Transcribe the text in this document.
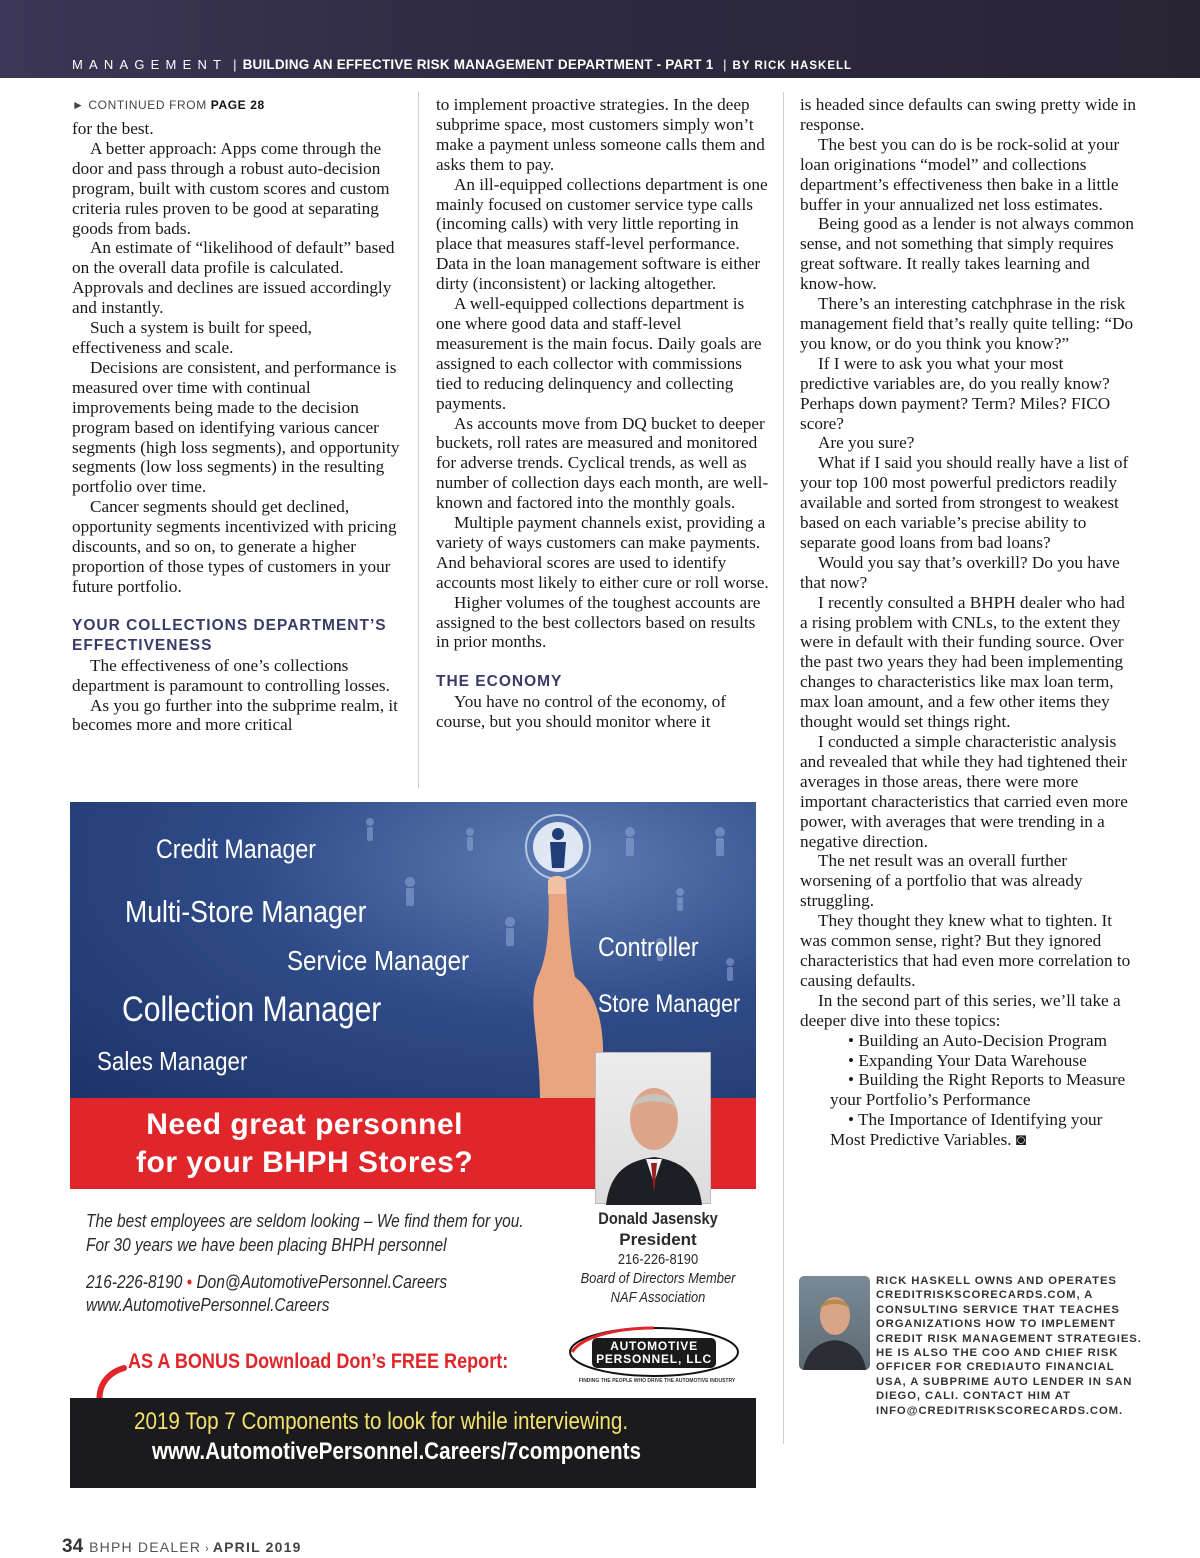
MANAGEMENT | BUILDING AN EFFECTIVE RISK MANAGEMENT DEPARTMENT - PART 1 | BY RICK HASKELL
► CONTINUED FROM PAGE 28

for the best.

A better approach: Apps come through the door and pass through a robust auto-decision program, built with custom scores and custom criteria rules proven to be good at separating goods from bads.

An estimate of “likelihood of default” based on the overall data profile is calculated. Approvals and declines are issued accordingly and instantly.

Such a system is built for speed, effectiveness and scale.

Decisions are consistent, and performance is measured over time with continual improvements being made to the decision program based on identifying various cancer segments (high loss segments), and opportunity segments (low loss segments) in the resulting portfolio over time.

Cancer segments should get declined, opportunity segments incentivized with pricing discounts, and so on, to generate a higher proportion of those types of customers in your future portfolio.

YOUR COLLECTIONS DEPARTMENT’S EFFECTIVENESS

The effectiveness of one’s collections department is paramount to controlling losses.

As you go further into the subprime realm, it becomes more and more critical

to implement proactive strategies. In the deep subprime space, most customers simply won’t make a payment unless someone calls them and asks them to pay.

An ill-equipped collections department is one mainly focused on customer service type calls (incoming calls) with very little reporting in place that measures staff-level performance. Data in the loan management software is either dirty (inconsistent) or lacking altogether.

A well-equipped collections department is one where good data and staff-level measurement is the main focus. Daily goals are assigned to each collector with commissions tied to reducing delinquency and collecting payments.

As accounts move from DQ bucket to deeper buckets, roll rates are measured and monitored for adverse trends. Cyclical trends, as well as number of collection days each month, are well-known and factored into the monthly goals.

Multiple payment channels exist, providing a variety of ways customers can make payments. And behavioral scores are used to identify accounts most likely to either cure or roll worse.

Higher volumes of the toughest accounts are assigned to the best collectors based on results in prior months.

THE ECONOMY

You have no control of the economy, of course, but you should monitor where it

is headed since defaults can swing pretty wide in response.

The best you can do is be rock-solid at your loan originations “model” and collections department’s effectiveness then bake in a little buffer in your annualized net loss estimates.

Being good as a lender is not always common sense, and not something that simply requires great software. It really takes learning and know-how.

There’s an interesting catchphrase in the risk management field that’s really quite telling: “Do you know, or do you think you know?”

If I were to ask you what your most predictive variables are, do you really know? Perhaps down payment? Term? Miles? FICO score?

Are you sure?

What if I said you should really have a list of your top 100 most powerful predictors readily available and sorted from strongest to weakest based on each variable’s precise ability to separate good loans from bad loans?

Would you say that’s overkill? Do you have that now?

I recently consulted a BHPH dealer who had a rising problem with CNLs, to the extent they were in default with their funding source. Over the past two years they had been implementing changes to characteristics like max loan term, max loan amount, and a few other items they thought would set things right.

I conducted a simple characteristic analysis and revealed that while they had tightened their averages in those areas, there were more important characteristics that carried even more power, with averages that were trending in a negative direction.

The net result was an overall further worsening of a portfolio that was already struggling.

They thought they knew what to tighten. It was common sense, right? But they ignored characteristics that had even more correlation to causing defaults.

In the second part of this series, we’ll take a deeper dive into these topics:

• Building an Auto-Decision Program

• Expanding Your Data Warehouse

• Building the Right Reports to Measure your Portfolio’s Performance

• The Importance of Identifying your Most Predictive Variables. ◙

Credit Manager
Multi-Store Manager
Service Manager
Collection Manager
Sales Manager
Controller
Store Manager
Need great personnel
for your BHPH Stores?
Donald Jasensky
President
216-226-8190
Board of Directors Member
NAF Association
The best employees are seldom looking – We find them for you.
For 30 years we have been placing BHPH personnel
216-226-8190 • Don@AutomotivePersonnel.Careers
www.AutomotivePersonnel.Careers
AUTOMOTIVE
PERSONNEL, LLC
FINDING THE PEOPLE WHO DRIVE THE AUTOMOTIVE INDUSTRY
AS A BONUS Download Don’s FREE Report:
2019 Top 7 Components to look for while interviewing.
www.AutomotivePersonnel.Careers/7components
RICK HASKELL OWNS AND OPERATES CREDITRISKSCORECARDS.COM, A CONSULTING SERVICE THAT TEACHES ORGANIZATIONS HOW TO IMPLEMENT CREDIT RISK MANAGEMENT STRATEGIES. HE IS ALSO THE COO AND CHIEF RISK OFFICER FOR CREDIAUTO FINANCIAL USA, A SUBPRIME AUTO LENDER IN SAN DIEGO, CALI. CONTACT HIM AT INFO@CREDITRISKSCORECARDS.COM.
34 BHPH DEALER › APRIL 2019
